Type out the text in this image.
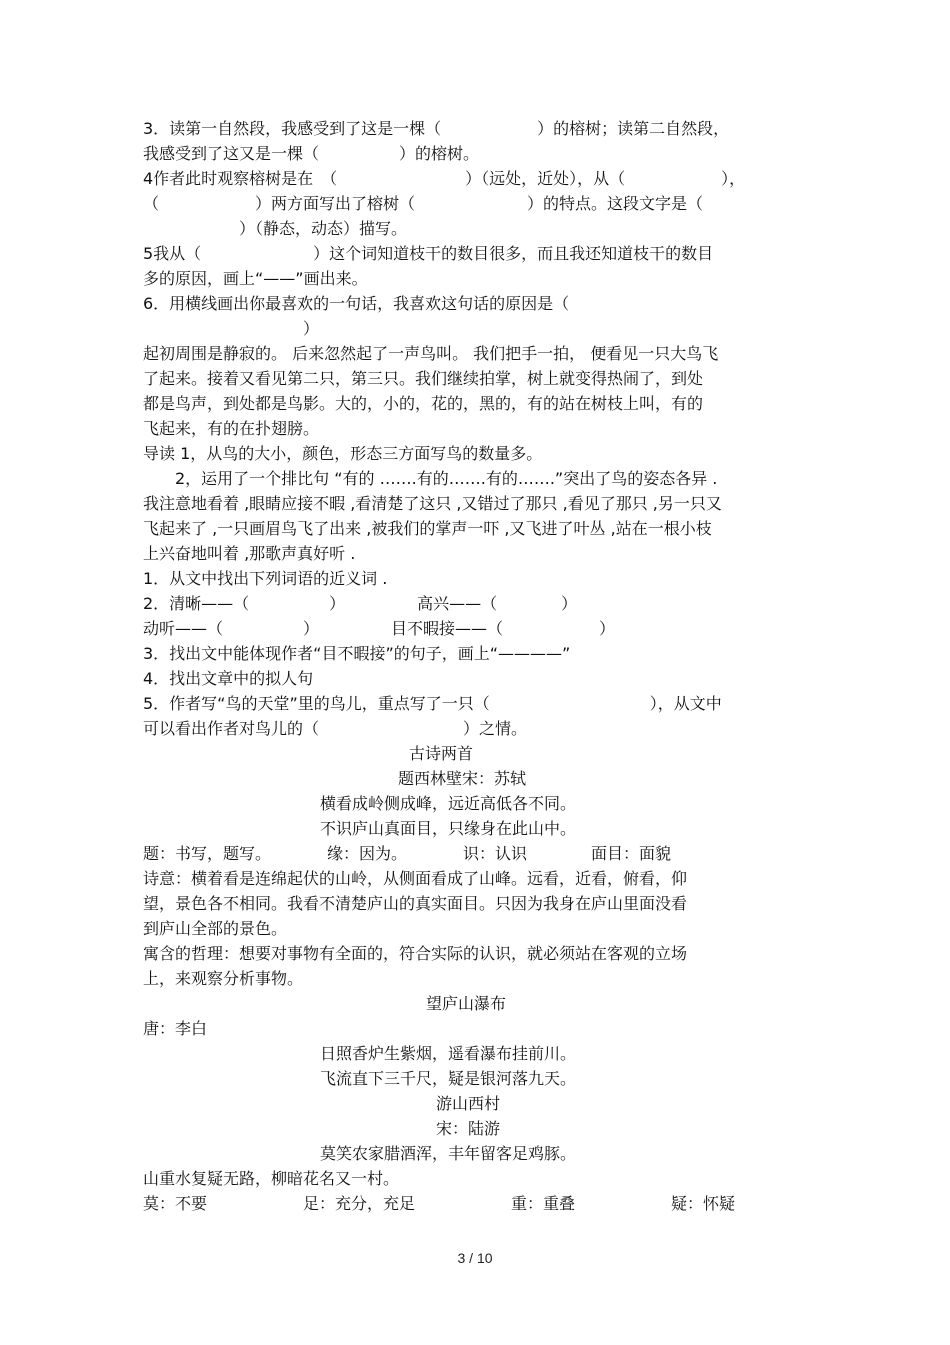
3．读第一自然段，我感受到了这是一棵（　　　　　　）的榕树；读第二自然段，
我感受到了这又是一棵（　　　　　）的榕树。
4作者此时观察榕树是在　（　　　　　　　　）（远处，近处），从（　　　　　　），
（　　　　　　）两方面写出了榕树（　　　　　　　）的特点。这段文字是（
　　　　　　）（静态，动态）描写。
5我从（　　　　　　　）这个词知道枝干的数目很多，而且我还知道枝干的数目
多的原因，画上“——”画出来。
6．用横线画出你最喜欢的一句话，我喜欢这句话的原因是（
　　　　　　　　　　）
起初周围是静寂的。 后来忽然起了一声鸟叫。 我们把手一拍， 便看见一只大鸟飞
了起来。接着又看见第二只，第三只。我们继续拍掌，树上就变得热闹了，到处
都是鸟声，到处都是鸟影。大的，小的，花的，黑的，有的站在树枝上叫，有的
飞起来，有的在扑翅膀。
导读 1，从鸟的大小，颜色，形态三方面写鸟的数量多。
　　2，运用了一个排比句 “有的 …….有的…….有的…….”突出了鸟的姿态各异 .
我注意地看着 ,眼睛应接不暇 ,看清楚了这只 ,又错过了那只 ,看见了那只 ,另一只又
飞起来了 ,一只画眉鸟飞了出来 ,被我们的掌声一吓 ,又飞进了叶丛 ,站在一根小枝
上兴奋地叫着 ,那歌声真好听 .
1．从文中找出下列词语的近义词 .
2．清晰——（　　　　　）　　　　　高兴——（　　　　）
动听——（　　　　　）　　　　　目不暇接——（　　　　　　）
3．找出文中能体现作者“目不暇接”的句子，画上“————”
4．找出文章中的拟人句
5．作者写“鸟的天堂”里的鸟儿，重点写了一只（　　　　　　　　　　），从文中
可以看出作者对鸟儿的（　　　　　　　　　）之情。
古诗两首
题西林壁宋：苏轼
横看成岭侧成峰，远近高低各不同。
不识庐山真面目，只缘身在此山中。
题：书写，题写。　　　　缘：因为。　　　　识：认识　　　　面目：面貌
诗意：横着看是连绵起伏的山岭，从侧面看成了山峰。远看，近看，俯看，仰
望，景色各不相同。我看不清楚庐山的真实面目。只因为我身在庐山里面没看
到庐山全部的景色。
寓含的哲理：想要对事物有全面的，符合实际的认识，就必须站在客观的立场
上，来观察分析事物。
望庐山瀑布
唐：李白
日照香炉生紫烟，遥看瀑布挂前川。
飞流直下三千尺，疑是银河落九天。
游山西村
宋：陆游
莫笑农家腊酒浑，丰年留客足鸡豚。
山重水复疑无路，柳暗花名又一村。
莫：不要　　　　　　足：充分，充足　　　　　　重：重叠　　　　　　疑：怀疑
3 / 10
